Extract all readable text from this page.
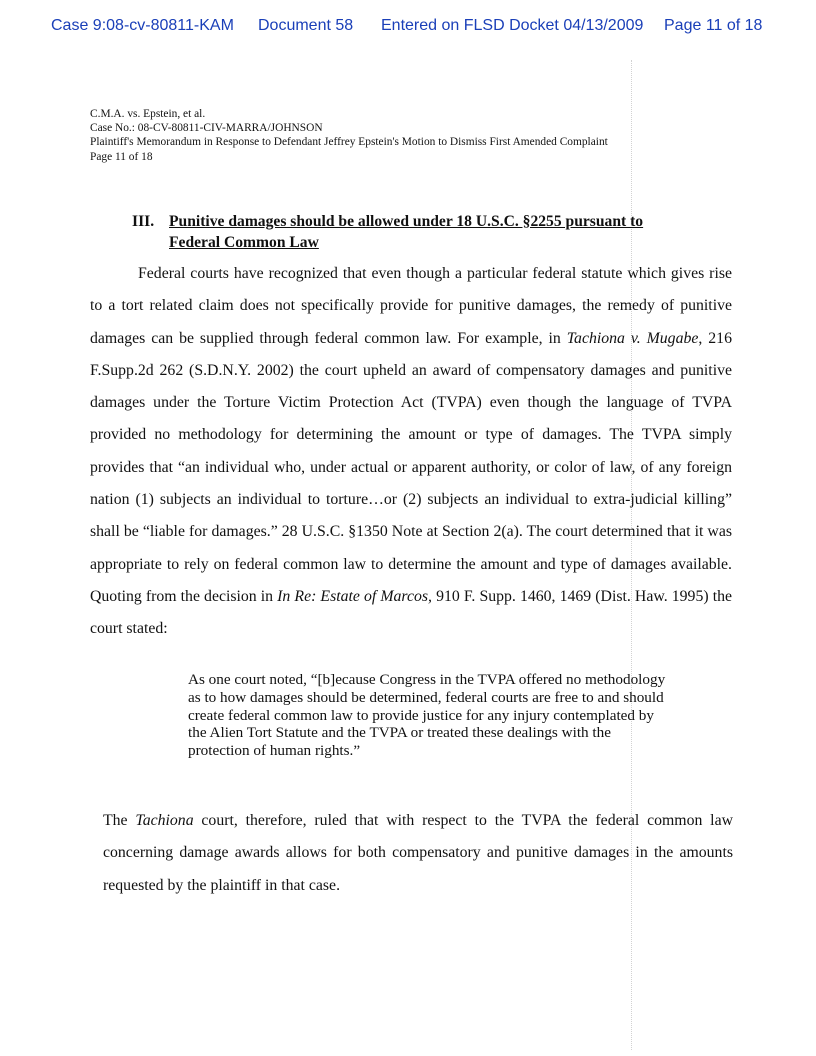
Case 9:08-cv-80811-KAM Document 58 Entered on FLSD Docket 04/13/2009 Page 11 of 18
C.M.A. vs. Epstein, et al.
Case No.: 08-CV-80811-CIV-MARRA/JOHNSON
Plaintiff's Memorandum in Response to Defendant Jeffrey Epstein's Motion to Dismiss First Amended Complaint
Page 11 of 18
III. Punitive damages should be allowed under 18 U.S.C. §2255 pursuant to
Federal Common Law

Federal courts have recognized that even though a particular federal statute which gives rise to a tort related claim does not specifically provide for punitive damages, the remedy of punitive damages can be supplied through federal common law. For example, in Tachiona v. Mugabe, 216 F.Supp.2d 262 (S.D.N.Y. 2002) the court upheld an award of compensatory damages and punitive damages under the Torture Victim Protection Act (TVPA) even though the language of TVPA provided no methodology for determining the amount or type of damages. The TVPA simply provides that “an individual who, under actual or apparent authority, or color of law, of any foreign nation (1) subjects an individual to torture…or (2) subjects an individual to extra-judicial killing” shall be “liable for damages.” 28 U.S.C. §1350 Note at Section 2(a). The court determined that it was appropriate to rely on federal common law to determine the amount and type of damages available. Quoting from the decision in In Re: Estate of Marcos, 910 F. Supp. 1460, 1469 (Dist. Haw. 1995) the court stated:

As one court noted, “[b]ecause Congress in the TVPA offered no methodology as to how damages should be determined, federal courts are free to and should create federal common law to provide justice for any injury contemplated by the Alien Tort Statute and the TVPA or treated these dealings with the protection of human rights.”

The Tachiona court, therefore, ruled that with respect to the TVPA the federal common law concerning damage awards allows for both compensatory and punitive damages in the amounts requested by the plaintiff in that case.
